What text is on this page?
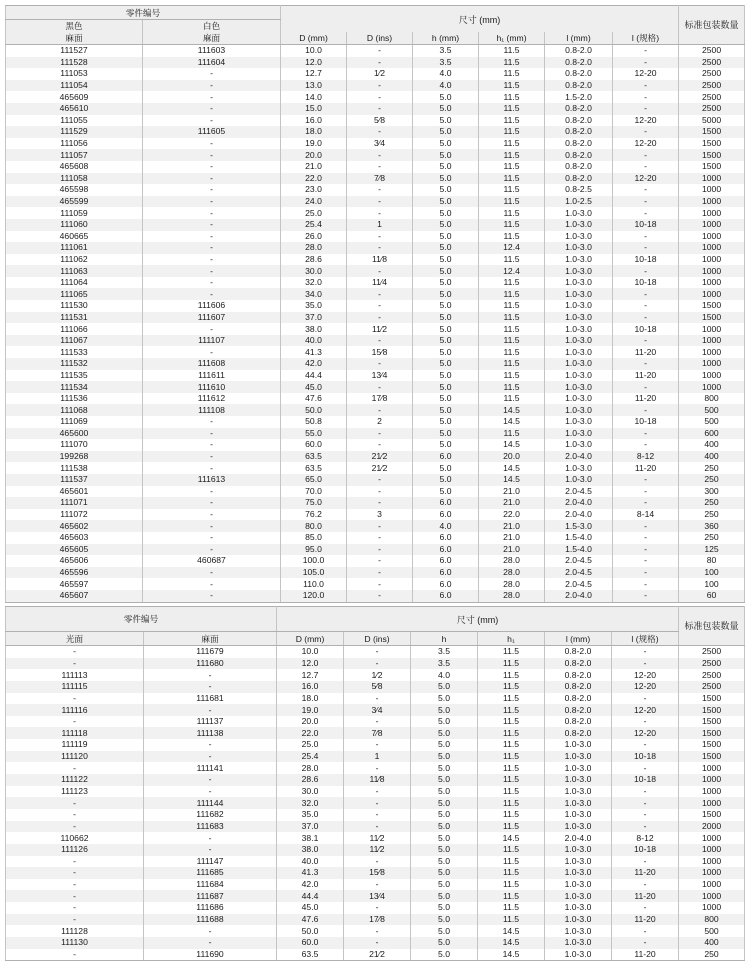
零件编号		尺寸 (mm)						标准包装数量
黑色	白色							
麻面	麻面	D (mm)	D (ins)	h (mm)	h₁ (mm)	l (mm)	l (规格)	
111527	111603	10.0	-	3.5	11.5	0.8-2.0	-	2500
111528	111604	12.0	-	3.5	11.5	0.8-2.0	-	2500
111053	-	12.7	1⁄2	4.0	11.5	0.8-2.0	12-20	2500
111054	-	13.0	-	4.0	11.5	0.8-2.0	-	2500
465609	-	14.0	-	5.0	11.5	1.5-2.0	-	2500
465610	-	15.0	-	5.0	11.5	0.8-2.0	-	2500
111055	-	16.0	5⁄8	5.0	11.5	0.8-2.0	12-20	5000
111529	111605	18.0	-	5.0	11.5	0.8-2.0	-	1500
111056	-	19.0	3⁄4	5.0	11.5	0.8-2.0	12-20	1500
111057	-	20.0	-	5.0	11.5	0.8-2.0	-	1500
465608	-	21.0	-	5.0	11.5	0.8-2.0	-	1500
111058	-	22.0	7⁄8	5.0	11.5	0.8-2.0	12-20	1000
465598	-	23.0	-	5.0	11.5	0.8-2.5	-	1000
465599	-	24.0	-	5.0	11.5	1.0-2.5	-	1000
111059	-	25.0	-	5.0	11.5	1.0-3.0	-	1000
111060	-	25.4	1	5.0	11.5	1.0-3.0	10-18	1000
460665	-	26.0	-	5.0	11.5	1.0-3.0	-	1000
111061	-	28.0	-	5.0	12.4	1.0-3.0	-	1000
111062	-	28.6	11⁄8	5.0	11.5	1.0-3.0	10-18	1000
111063	-	30.0	-	5.0	12.4	1.0-3.0	-	1000
111064	-	32.0	11⁄4	5.0	11.5	1.0-3.0	10-18	1000
111065	-	34.0	-	5.0	11.5	1.0-3.0	-	1000
111530	111606	35.0	-	5.0	11.5	1.0-3.0	-	1500
111531	111607	37.0	-	5.0	11.5	1.0-3.0	-	1500
111066	-	38.0	11⁄2	5.0	11.5	1.0-3.0	10-18	1000
111067	111107	40.0	-	5.0	11.5	1.0-3.0	-	1000
111533	-	41.3	15⁄8	5.0	11.5	1.0-3.0	11-20	1000
111532	111608	42.0	-	5.0	11.5	1.0-3.0	-	1000
111535	111611	44.4	13⁄4	5.0	11.5	1.0-3.0	11-20	1000
111534	111610	45.0	-	5.0	11.5	1.0-3.0	-	1000
111536	111612	47.6	17⁄8	5.0	11.5	1.0-3.0	11-20	800
111068	111108	50.0	-	5.0	14.5	1.0-3.0	-	500
111069	-	50.8	2	5.0	14.5	1.0-3.0	10-18	500
465600	-	55.0	-	5.0	11.5	1.0-3.0	-	600
111070	-	60.0	-	5.0	14.5	1.0-3.0	-	400
199268	-	63.5	21⁄2	6.0	20.0	2.0-4.0	8-12	400
111538	-	63.5	21⁄2	5.0	14.5	1.0-3.0	11-20	250
111537	111613	65.0	-	5.0	14.5	1.0-3.0	-	250
465601	-	70.0	-	5.0	21.0	2.0-4.5	-	300
111071	-	75.0	-	6.0	21.0	2.0-4.0	-	250
111072	-	76.2	3	6.0	22.0	2.0-4.0	8-14	250
465602	-	80.0	-	4.0	21.0	1.5-3.0	-	360
465603	-	85.0	-	6.0	21.0	1.5-4.0	-	250
465605	-	95.0	-	6.0	21.0	1.5-4.0	-	125
465606	460687	100.0	-	6.0	28.0	2.0-4.5	-	80
465596	-	105.0	-	6.0	28.0	2.0-4.5	-	100
465597	-	110.0	-	6.0	28.0	2.0-4.5	-	100
465607	-	120.0	-	6.0	28.0	2.0-4.0	-	60
零件编号		尺寸 (mm)						标准包装数量
光面	麻面	D (mm)	D (ins)	h	h₁	l (mm)	l (规格)	
-	111679	10.0	-	3.5	11.5	0.8-2.0	-	2500
-	111680	12.0	-	3.5	11.5	0.8-2.0	-	2500
111113	-	12.7	1⁄2	4.0	11.5	0.8-2.0	12-20	2500
111115	-	16.0	5⁄8	5.0	11.5	0.8-2.0	12-20	2500
-	111681	18.0	-	5.0	11.5	0.8-2.0	-	1500
111116	-	19.0	3⁄4	5.0	11.5	0.8-2.0	12-20	1500
-	111137	20.0	-	5.0	11.5	0.8-2.0	-	1500
111118	111138	22.0	7⁄8	5.0	11.5	0.8-2.0	12-20	1500
111119	-	25.0	-	5.0	11.5	1.0-3.0	-	1500
111120	-	25.4	1	5.0	11.5	1.0-3.0	10-18	1500
-	111141	28.0	-	5.0	11.5	1.0-3.0	-	1000
111122	-	28.6	11⁄8	5.0	11.5	1.0-3.0	10-18	1000
111123	-	30.0	-	5.0	11.5	1.0-3.0	-	1000
-	111144	32.0	-	5.0	11.5	1.0-3.0	-	1000
-	111682	35.0	-	5.0	11.5	1.0-3.0	-	1500
-	111683	37.0	-	5.0	11.5	1.0-3.0	-	2000
110662	-	38.1	11⁄2	5.0	14.5	2.0-4.0	8-12	1000
111126	-	38.0	11⁄2	5.0	11.5	1.0-3.0	10-18	1000
-	111147	40.0	-	5.0	11.5	1.0-3.0	-	1000
-	111685	41.3	15⁄8	5.0	11.5	1.0-3.0	11-20	1000
-	111684	42.0	-	5.0	11.5	1.0-3.0	-	1000
-	111687	44.4	13⁄4	5.0	11.5	1.0-3.0	11-20	1000
-	111686	45.0	-	5.0	11.5	1.0-3.0	-	1000
-	111688	47.6	17⁄8	5.0	11.5	1.0-3.0	11-20	800
111128	-	50.0	-	5.0	14.5	1.0-3.0	-	500
111130	-	60.0	-	5.0	14.5	1.0-3.0	-	400
-	111690	63.5	21⁄2	5.0	14.5	1.0-3.0	11-20	250
